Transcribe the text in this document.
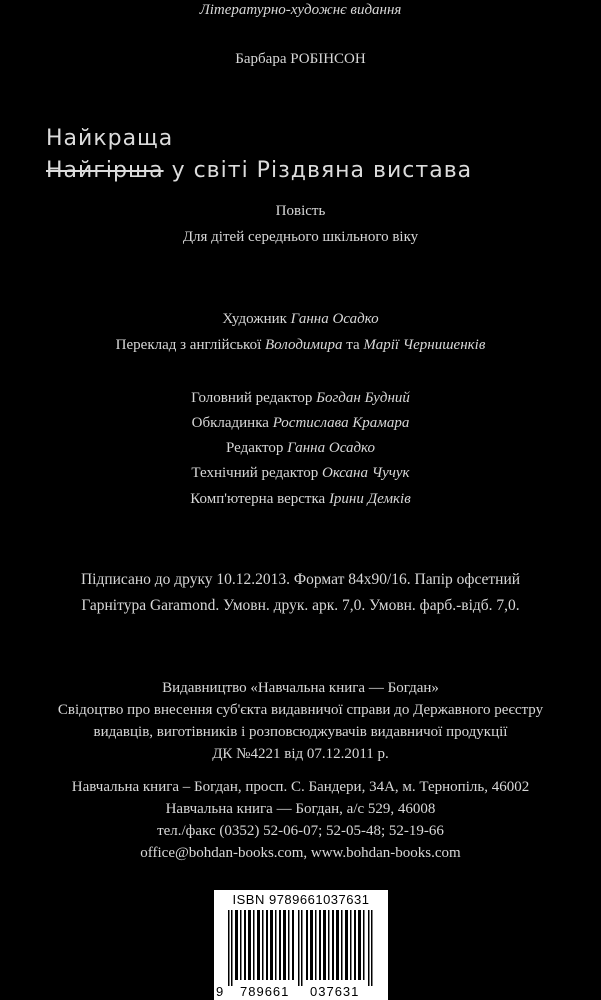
Літературно-художнє видання
Барбара РОБІНСОН
Найкраща
Найгірша у світі Різдвяна вистава
Повість
Для дітей середнього шкільного віку
Художник Ганна Осадко
Переклад з англійської Володимира та Марії Чернишенків
Головний редактор Богдан Будний
Обкладинка Ростислава Крамара
Редактор Ганна Осадко
Технічний редактор Оксана Чучук
Комп'ютерна верстка Ірини Демків
Підписано до друку 10.12.2013. Формат 84х90/16. Папір офсетний
Гарнітура Garamond. Умовн. друк. арк. 7,0. Умовн. фарб.-відб. 7,0.
Видавництво «Навчальна книга — Богдан»
Свідоцтво про внесення суб'єкта видавничої справи до Державного реєстру
видавців, виготівників і розповсюджувачів видавничої продукції
ДК №4221 від 07.12.2011 р.
Навчальна книга – Богдан, просп. С. Бандери, 34А, м. Тернопіль, 46002
Навчальна книга — Богдан, а/с 529, 46008
тел./факс (0352) 52-06-07; 52-05-48; 52-19-66
office@bohdan-books.com, www.bohdan-books.com
ISBN 9789661037631
9 789661 037631
